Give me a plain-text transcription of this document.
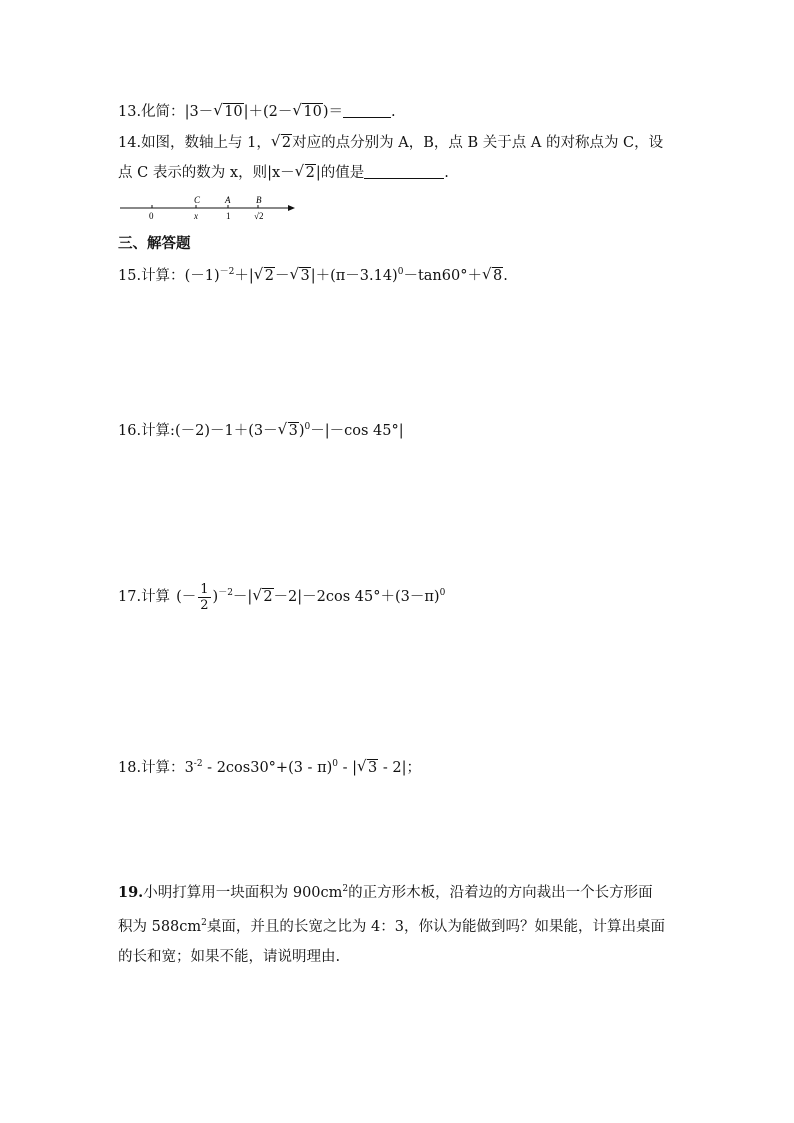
13.化简：|3－√ 10|＋(2－√ 10)＝	.
14.如图，数轴上与 1，√ 2对应的点分别为 A，B，点 B 关于点 A 的对称点为 C，设
点 C 表示的数为 x，则|x－√ 2|的值是	.
C	A	B
0	x	1	√2
三、解答题
15.计算：$(-1)^{-2}+|√$ 2－√ $3|+(\pi-3.14)^0-\tan 60^\circ+√$ 8.
16.计算:(－2)－1＋(3－√ 3)$^0$－|－cos 45°|
17.计算 (－ $\frac{1}{2} )^{-2}-|√$ 2－2|－2cos $45^\circ+(3-\pi)^0$
18.计算：$3^{-2} - 2\cos 30^\circ+(3 - \pi)^0$ - |√ 3 - 2|；
19.小明打算用一块面积为 $900cm^2$的正方形木板，沿着边的方向裁出一个长方形面
积为 $588cm^2$桌面，并且的长宽之比为 4：3，你认为能做到吗？如果能，计算出桌面
的长和宽；如果不能，请说明理由.
